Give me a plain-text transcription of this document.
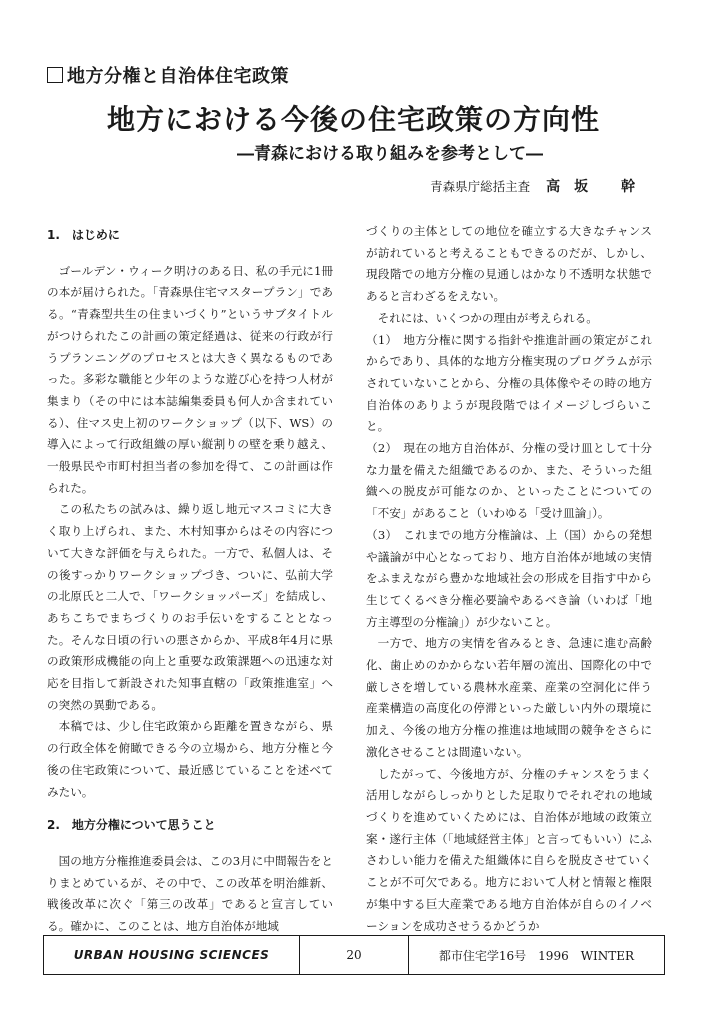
地方分権と自治体住宅政策
地方における今後の住宅政策の方向性
―青森における取り組みを参考として―
青森県庁総括主査 高坂 幹
1.　はじめに

ゴールデン・ウィーク明けのある日、私の手元に1冊の本が届けられた。「青森県住宅マスタープラン」である。“青森型共生の住まいづくり”というサブタイトルがつけられたこの計画の策定経過は、従来の行政が行うプランニングのプロセスとは大きく異なるものであった。多彩な職能と少年のような遊び心を持つ人材が集まり（その中には本誌編集委員も何人か含まれている）、住マス史上初のワークショップ（以下、WS）の導入によって行政組織の厚い縦割りの壁を乗り越え、一般県民や市町村担当者の参加を得て、この計画は作られた。

この私たちの試みは、繰り返し地元マスコミに大きく取り上げられ、また、木村知事からはその内容について大きな評価を与えられた。一方で、私個人は、その後すっかりワークショップづき、ついに、弘前大学の北原氏と二人で、「ワークショッパーズ」を結成し、あちこちでまちづくりのお手伝いをすることとなった。そんな日頃の行いの悪さからか、平成8年4月に県の政策形成機能の向上と重要な政策課題への迅速な対応を目指して新設された知事直轄の「政策推進室」への突然の異動である。

本稿では、少し住宅政策から距離を置きながら、県の行政全体を俯瞰できる今の立場から、地方分権と今後の住宅政策について、最近感じていることを述べてみたい。

2.　地方分権について思うこと

国の地方分権推進委員会は、この3月に中間報告をとりまとめているが、その中で、この改革を明治維新、戦後改革に次ぐ「第三の改革」であると宣言している。確かに、このことは、地方自治体が地域

づくりの主体としての地位を確立する大きなチャンスが訪れていると考えることもできるのだが、しかし、現段階での地方分権の見通しはかなり不透明な状態であると言わざるをえない。

それには、いくつかの理由が考えられる。

（1）　地方分権に関する指針や推進計画の策定がこれからであり、具体的な地方分権実現のプログラムが示されていないことから、分権の具体像やその時の地方自治体のありようが現段階ではイメージしづらいこと。

（2）　現在の地方自治体が、分権の受け皿として十分な力量を備えた組織であるのか、また、そういった組織への脱皮が可能なのか、といったことについての「不安」があること（いわゆる「受け皿論」）。

（3）　これまでの地方分権論は、上（国）からの発想や議論が中心となっており、地方自治体が地域の実情をふまえながら豊かな地域社会の形成を目指す中から生じてくるべき分権必要論やあるべき論（いわば「地方主導型の分権論」）が少ないこと。

一方で、地方の実情を省みるとき、急速に進む高齢化、歯止めのかからない若年層の流出、国際化の中で厳しさを増している農林水産業、産業の空洞化に伴う産業構造の高度化の停滞といった厳しい内外の環境に加え、今後の地方分権の推進は地域間の競争をさらに激化させることは間違いない。

したがって、今後地方が、分権のチャンスをうまく活用しながらしっかりとした足取りでそれぞれの地域づくりを進めていくためには、自治体が地域の政策立案・遂行主体（「地域経営主体」と言ってもいい）にふさわしい能力を備えた組織体に自らを脱皮させていくことが不可欠である。地方において人材と情報と権限が集中する巨大産業である地方自治体が自らのイノベーションを成功させうるかどうか

URBAN HOUSING SCIENCES	20	都市住宅学16号　1996　WINTER
